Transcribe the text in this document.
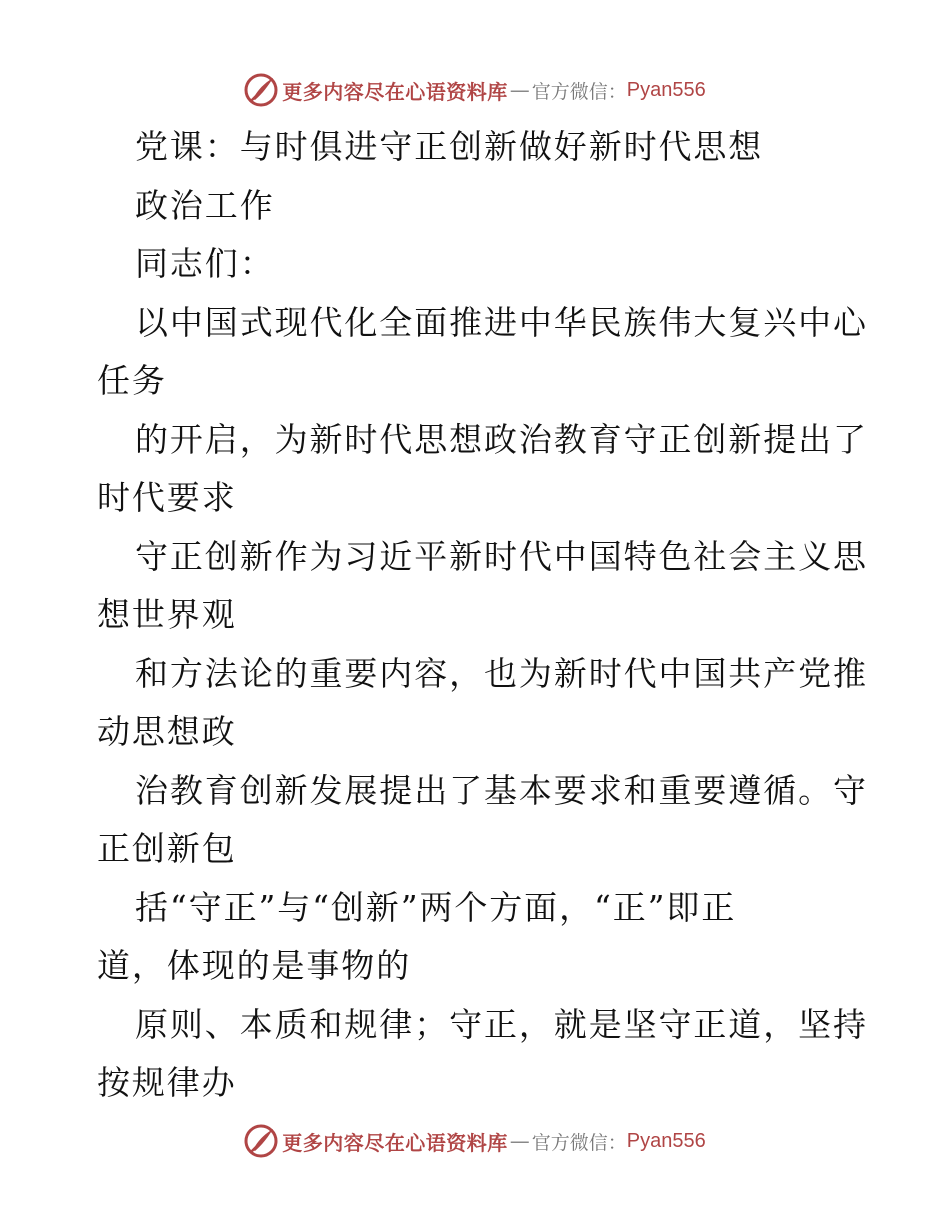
更多内容尽在心语资料库 — 官方微信： Pyan556
党课：与时俱进守正创新做好新时代思想
政治工作
同志们：
以中国式现代化全面推进中华民族伟大复兴中心
任务
的开启，为新时代思想政治教育守正创新提出了
时代要求
守正创新作为习近平新时代中国特色社会主义思
想世界观
和方法论的重要内容，也为新时代中国共产党推
动思想政
治教育创新发展提出了基本要求和重要遵循。守
正创新包
括“守正”与“创新”两个方面，“正”即正
道，体现的是事物的
原则、本质和规律；守正，就是坚守正道，坚持
按规律办
更多内容尽在心语资料库 — 官方微信： Pyan556
